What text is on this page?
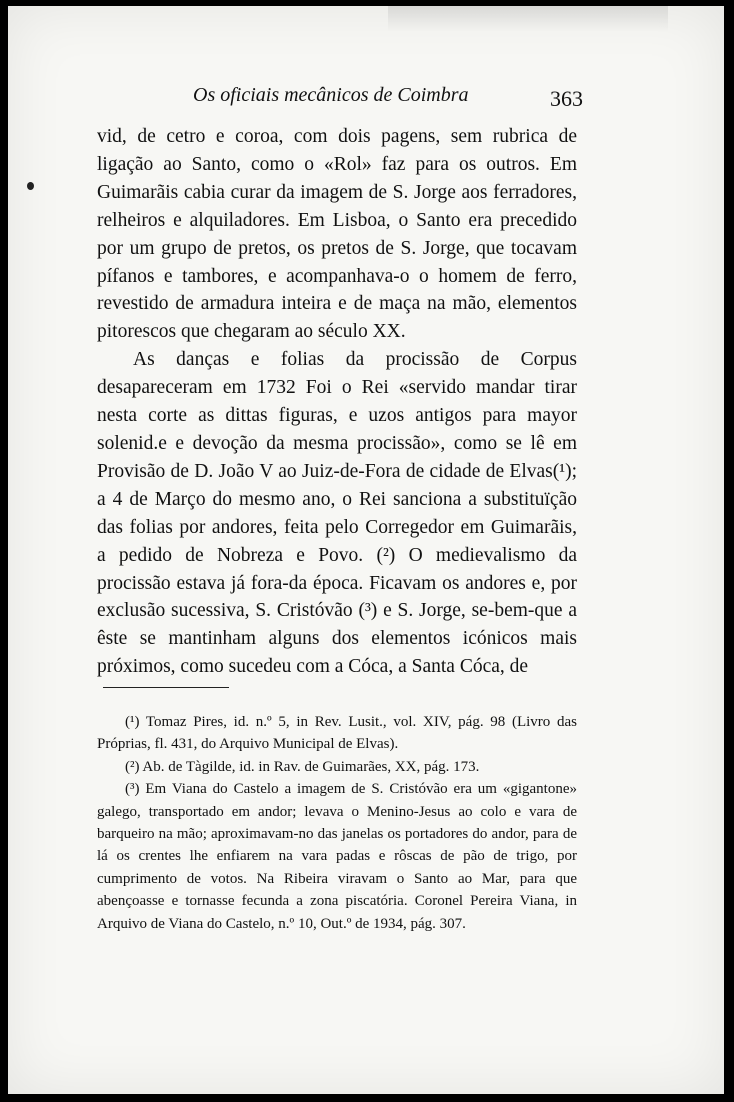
Os oficiais mecânicos de Coimbra	363

vid, de cetro e coroa, com dois pagens, sem rubrica de ligação ao Santo, como o «Rol» faz para os outros. Em Guimarãis cabia curar da imagem de S. Jorge aos ferradores, relheiros e alquiladores. Em Lisboa, o Santo era precedido por um grupo de pretos, os pretos de S. Jorge, que tocavam pífanos e tambores, e acompanhava-o o homem de ferro, revestido de armadura inteira e de maça na mão, elementos pitorescos que chegaram ao século XX.

As danças e folias da procissão de Corpus desapareceram em 1732 Foi o Rei «servido mandar tirar nesta corte as dittas figuras, e uzos antigos para mayor solenid.e e devoção da mesma procissão», como se lê em Provisão de D. João V ao Juiz-de-Fora de cidade de Elvas(¹); a 4 de Março do mesmo ano, o Rei sanciona a substituïção das folias por andores, feita pelo Corregedor em Guimarãis, a pedido de Nobreza e Povo. (²) O medievalismo da procissão estava já fora-da época. Ficavam os andores e, por exclusão sucessiva, S. Cristóvão (³) e S. Jorge, se-bem-que a êste se mantinham alguns dos elementos icónicos mais próximos, como sucedeu com a Cóca, a Santa Cóca, de

(¹) Tomaz Pires, id. n.º 5, in Rev. Lusit., vol. XIV, pág. 98 (Livro das Próprias, fl. 431, do Arquivo Municipal de Elvas).

(²) Ab. de Tàgilde, id. in Rav. de Guimarães, XX, pág. 173.

(³) Em Viana do Castelo a imagem de S. Cristóvão era um «gigantone» galego, transportado em andor; levava o Menino-Jesus ao colo e vara de barqueiro na mão; aproximavam-no das janelas os portadores do andor, para de lá os crentes lhe enfiarem na vara padas e rôscas de pão de trigo, por cumprimento de votos. Na Ribeira viravam o Santo ao Mar, para que abençoasse e tornasse fecunda a zona piscatória. Coronel Pereira Viana, in Arquivo de Viana do Castelo, n.º 10, Out.º de 1934, pág. 307.
